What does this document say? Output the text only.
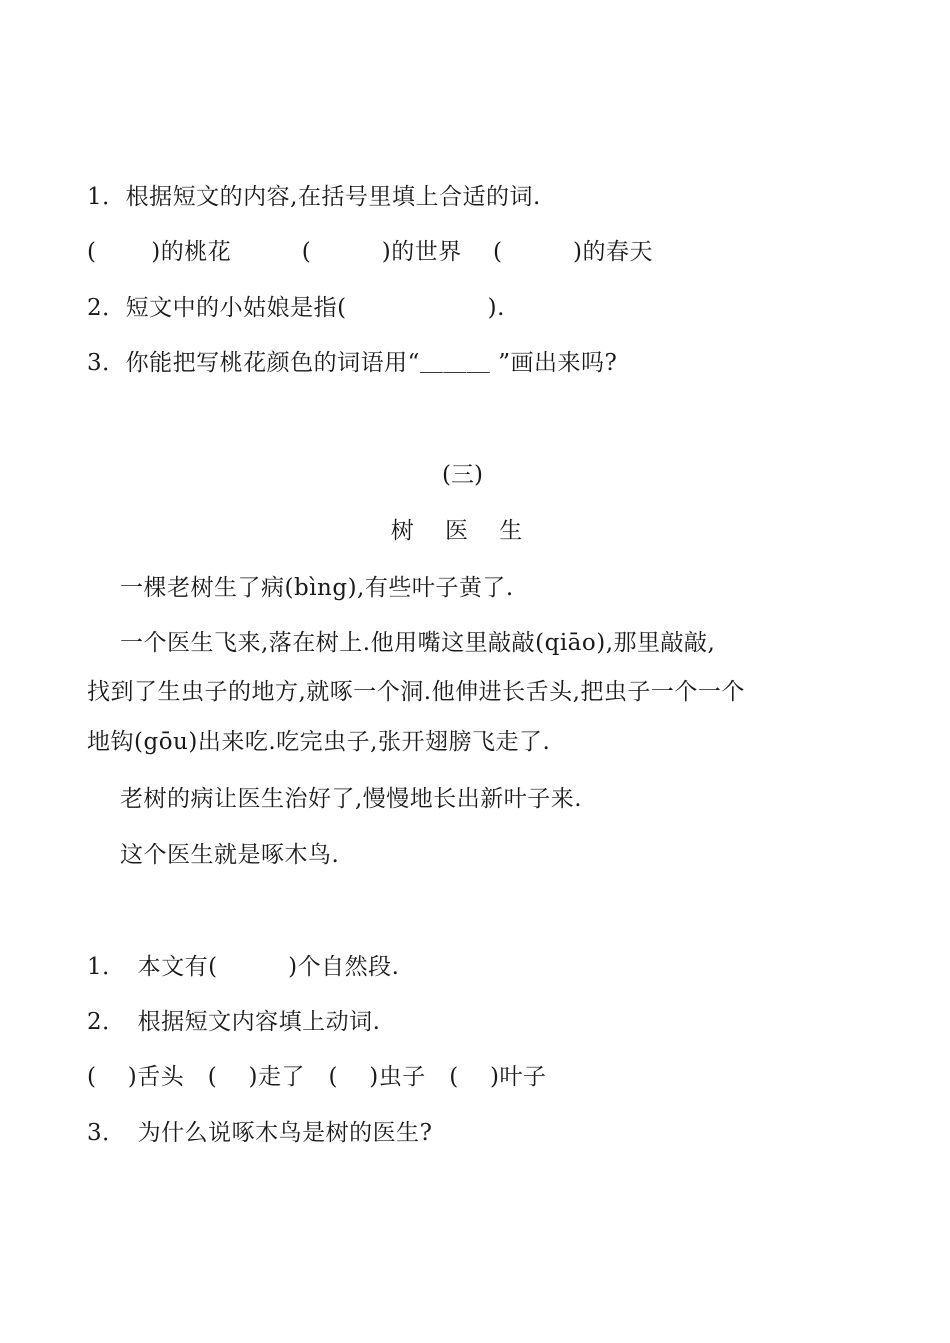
1．根据短文的内容,在括号里填上合适的词.
(　　 )的桃花　　　(　　　)的世界　 (　　　)的春天
2．短文中的小姑娘是指(　　　　　　).
3．你能把写桃花颜色的词语用“＿＿＿ ”画出来吗?
(三)
树 医 生
一棵老树生了病(bìng),有些叶子黄了.
一个医生飞来,落在树上.他用嘴这里敲敲(qiāo),那里敲敲,
找到了生虫子的地方,就啄一个洞.他伸进长舌头,把虫子一个一个
地钩(gōu)出来吃.吃完虫子,张开翅膀飞走了.
老树的病让医生治好了,慢慢地长出新叶子来.
这个医生就是啄木鸟.
1．　本文有(　　　)个自然段.
2．　根据短文内容填上动词.
(　 )舌头　(　 )走了　(　 )虫子　(　 )叶子
3．　为什么说啄木鸟是树的医生?
